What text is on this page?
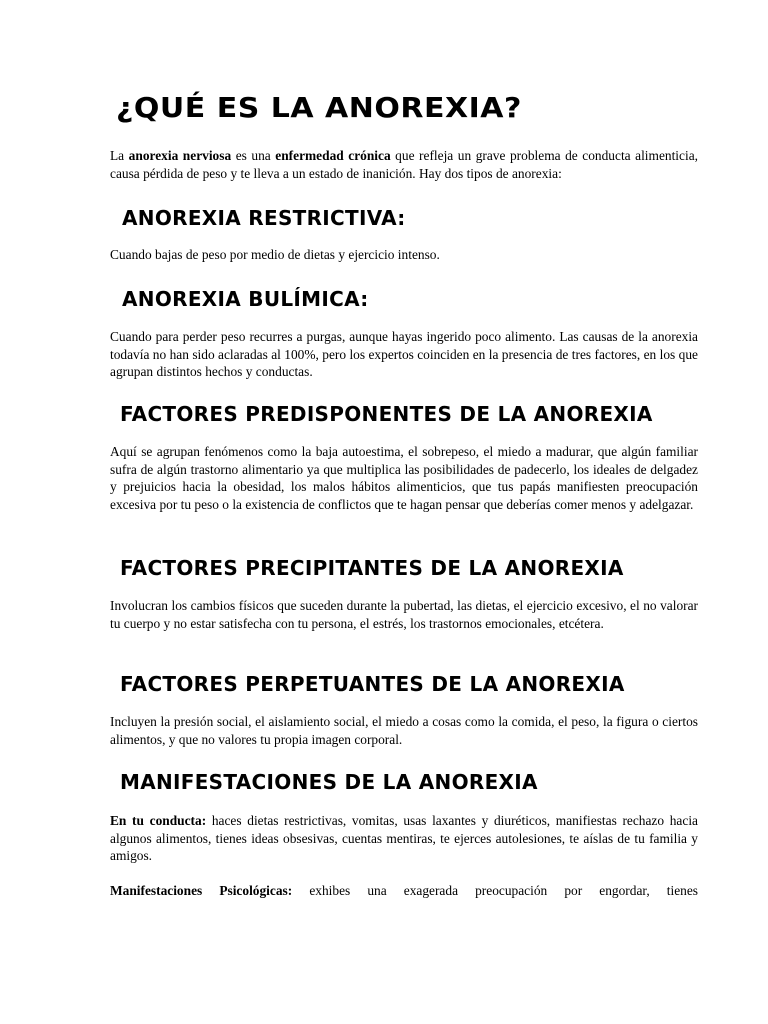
¿QUÉ ES LA ANOREXIA?

La anorexia nerviosa es una enfermedad crónica que refleja un grave problema de conducta alimenticia, causa pérdida de peso y te lleva a un estado de inanición. Hay dos tipos de anorexia:

ANOREXIA RESTRICTIVA:

Cuando bajas de peso por medio de dietas y ejercicio intenso.

ANOREXIA BULÍMICA:

Cuando para perder peso recurres a purgas, aunque hayas ingerido poco alimento. Las causas de la anorexia todavía no han sido aclaradas al 100%, pero los expertos coinciden en la presencia de tres factores, en los que agrupan distintos hechos y conductas.

FACTORES PREDISPONENTES DE LA ANOREXIA

Aquí se agrupan fenómenos como la baja autoestima, el sobrepeso, el miedo a madurar, que algún familiar sufra de algún trastorno alimentario ya que multiplica las posibilidades de padecerlo, los ideales de delgadez y prejuicios hacia la obesidad, los malos hábitos alimenticios, que tus papás manifiesten preocupación excesiva por tu peso o la existencia de conflictos que te hagan pensar que deberías comer menos y adelgazar.

FACTORES PRECIPITANTES DE LA ANOREXIA

Involucran los cambios físicos que suceden durante la pubertad, las dietas, el ejercicio excesivo, el no valorar tu cuerpo y no estar satisfecha con tu persona, el estrés, los trastornos emocionales, etcétera.

FACTORES PERPETUANTES DE LA ANOREXIA

Incluyen la presión social, el aislamiento social, el miedo a cosas como la comida, el peso, la figura o ciertos alimentos, y que no valores tu propia imagen corporal.

MANIFESTACIONES DE LA ANOREXIA

En tu conducta: haces dietas restrictivas, vomitas, usas laxantes y diuréticos, manifiestas rechazo hacia algunos alimentos, tienes ideas obsesivas, cuentas mentiras, te ejerces autolesiones, te aíslas de tu familia y amigos.

Manifestaciones Psicológicas: exhibes una exagerada preocupación por engordar, tienes
